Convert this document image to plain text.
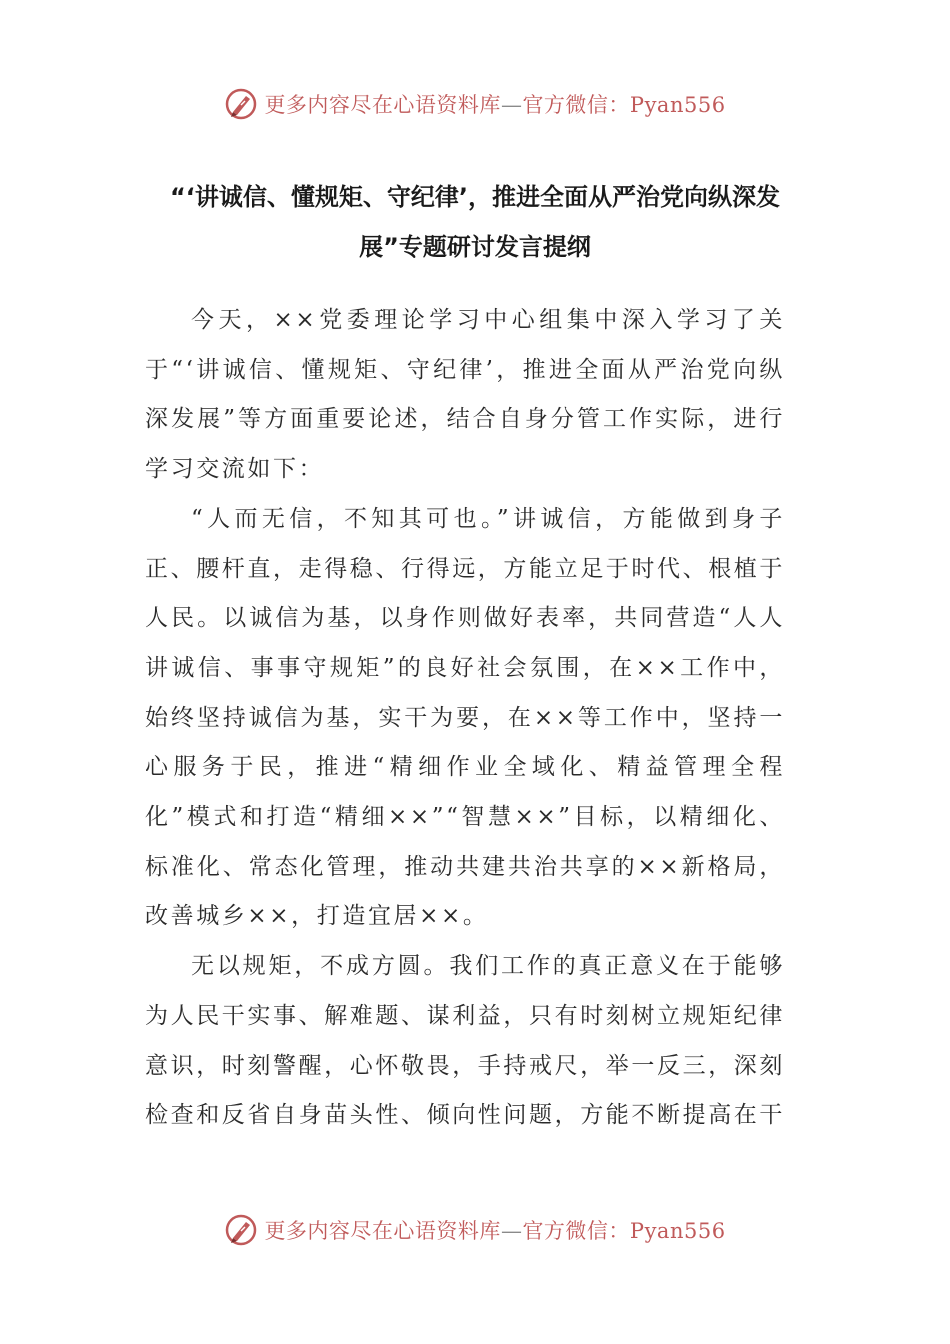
更多内容尽在心语资料库—官方微信：Pyan556
“‘讲诚信、懂规矩、守纪律’，推进全面从严治党向纵深发展”专题研讨发言提纲

今天，××党委理论学习中心组集中深入学习了关于“‘讲诚信、懂规矩、守纪律’，推进全面从严治党向纵深发展”等方面重要论述，结合自身分管工作实际，进行学习交流如下：

“人而无信，不知其可也。”讲诚信，方能做到身子正、腰杆直，走得稳、行得远，方能立足于时代、根植于人民。以诚信为基，以身作则做好表率，共同营造“人人讲诚信、事事守规矩”的良好社会氛围，在××工作中，始终坚持诚信为基，实干为要，在××等工作中，坚持一心服务于民，推进“精细作业全域化、精益管理全程化”模式和打造“精细××”“智慧××”目标，以精细化、标准化、常态化管理，推动共建共治共享的××新格局，改善城乡××，打造宜居××。

无以规矩，不成方圆。我们工作的真正意义在于能够为人民干实事、解难题、谋利益，只有时刻树立规矩纪律意识，时刻警醒，心怀敬畏，手持戒尺，举一反三，深刻检查和反省自身苗头性、倾向性问题，方能不断提高在干

更多内容尽在心语资料库—官方微信：Pyan556
